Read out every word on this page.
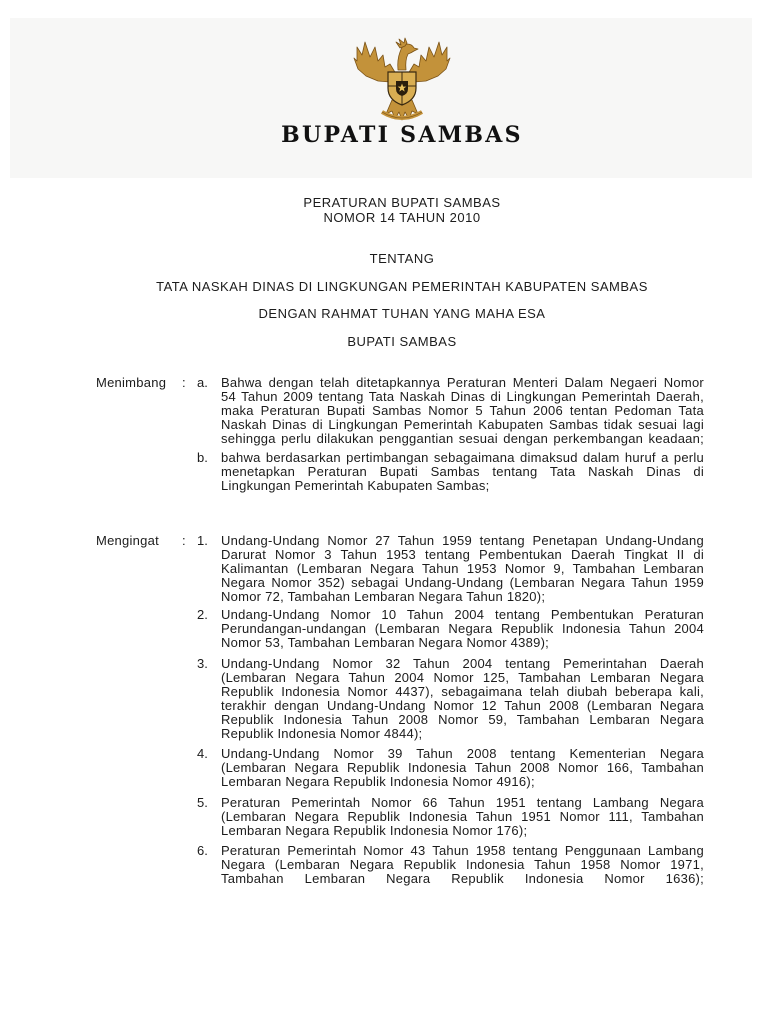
BUPATI SAMBAS
PERATURAN BUPATI SAMBAS
NOMOR 14 TAHUN 2010
TENTANG
TATA NASKAH DINAS DI LINGKUNGAN PEMERINTAH KABUPATEN SAMBAS
DENGAN RAHMAT TUHAN YANG MAHA ESA
BUPATI SAMBAS
Menimbang : a. Bahwa dengan telah ditetapkannya Peraturan Menteri Dalam Negaeri Nomor
54 Tahun 2009 tentang Tata Naskah Dinas di Lingkungan Pemerintah Daerah,
maka Peraturan Bupati Sambas Nomor 5 Tahun 2006 tentan Pedoman Tata
Naskah Dinas di Lingkungan Pemerintah Kabupaten Sambas tidak sesuai lagi
sehingga perlu dilakukan penggantian sesuai dengan perkembangan keadaan;
b. bahwa berdasarkan pertimbangan sebagaimana dimaksud dalam huruf a perlu
menetapkan Peraturan Bupati Sambas tentang Tata Naskah Dinas di
Lingkungan Pemerintah Kabupaten Sambas;
Mengingat : 1. Undang-Undang Nomor 27 Tahun 1959 tentang Penetapan Undang-Undang
Darurat Nomor 3 Tahun 1953 tentang Pembentukan Daerah Tingkat II di
Kalimantan (Lembaran Negara Tahun 1953 Nomor 9, Tambahan Lembaran
Negara Nomor 352) sebagai Undang-Undang (Lembaran Negara Tahun 1959
Nomor 72, Tambahan Lembaran Negara Tahun 1820);
2. Undang-Undang Nomor 10 Tahun 2004 tentang Pembentukan Peraturan
Perundangan-undangan (Lembaran Negara Republik Indonesia Tahun 2004
Nomor 53, Tambahan Lembaran Negara Nomor 4389);
3. Undang-Undang Nomor 32 Tahun 2004 tentang Pemerintahan Daerah
(Lembaran Negara Tahun 2004 Nomor 125, Tambahan Lembaran Negara
Republik Indonesia Nomor 4437), sebagaimana telah diubah beberapa kali,
terakhir dengan Undang-Undang Nomor 12 Tahun 2008 (Lembaran Negara
Republik Indonesia Tahun 2008 Nomor 59, Tambahan Lembaran Negara
Republik Indonesia Nomor 4844);
4. Undang-Undang Nomor 39 Tahun 2008 tentang Kementerian Negara
(Lembaran Negara Republik Indonesia Tahun 2008 Nomor 166, Tambahan
Lembaran Negara Republik Indonesia Nomor 4916);
5. Peraturan Pemerintah Nomor 66 Tahun 1951 tentang Lambang Negara
(Lembaran Negara Republik Indonesia Tahun 1951 Nomor 111, Tambahan
Lembaran Negara Republik Indonesia Nomor 176);
6. Peraturan Pemerintah Nomor 43 Tahun 1958 tentang Penggunaan Lambang
Negara (Lembaran Negara Republik Indonesia Tahun 1958 Nomor 1971,
Tambahan Lembaran Negara Republik Indonesia Nomor 1636);
